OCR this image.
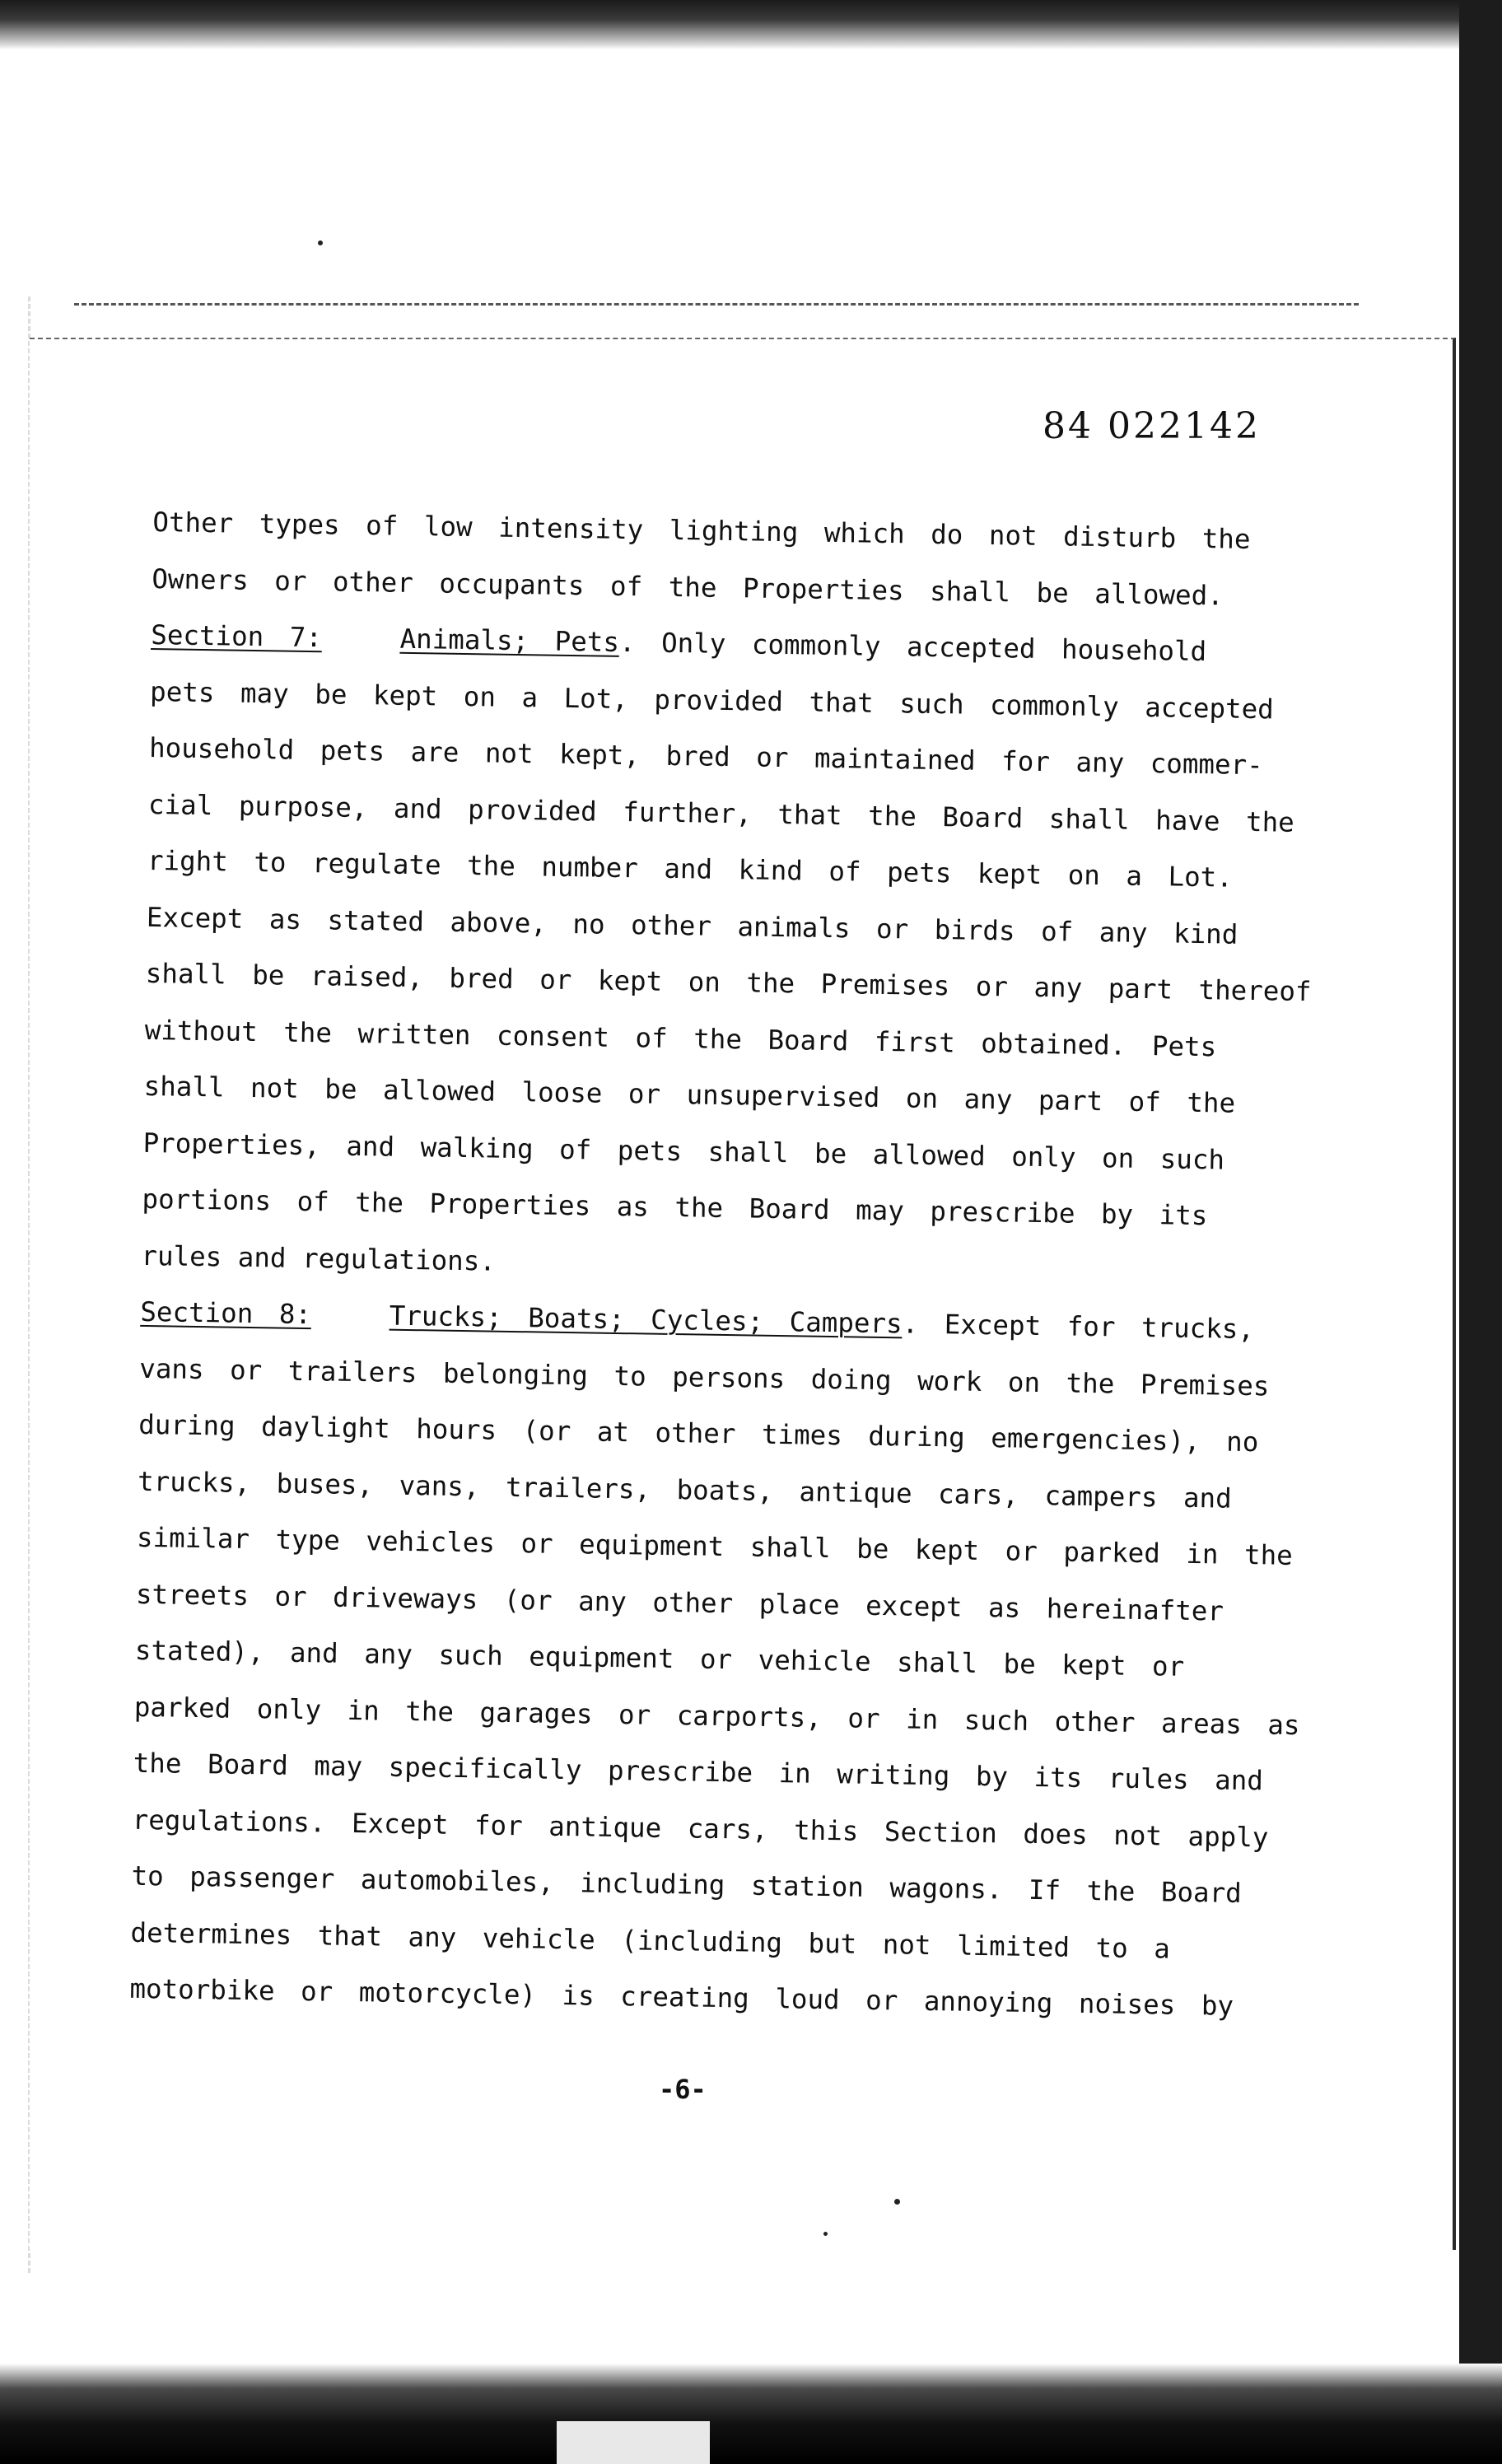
84 022142
Other types of low intensity lighting which do not disturb the
Owners or other occupants of the Properties shall be allowed.
Section 7:	Animals; Pets. Only commonly accepted household
pets may be kept on a Lot, provided that such commonly accepted
household pets are not kept, bred or maintained for any commer-
cial purpose, and provided further, that the Board shall have the
right to regulate the number and kind of pets kept on a Lot.
Except as stated above, no other animals or birds of any kind
shall be raised, bred or kept on the Premises or any part thereof
without the written consent of the Board first obtained. Pets
shall not be allowed loose or unsupervised on any part of the
Properties, and walking of pets shall be allowed only on such
portions of the Properties as the Board may prescribe by its
rules and regulations.
Section 8:	Trucks; Boats; Cycles; Campers. Except for trucks,
vans or trailers belonging to persons doing work on the Premises
during daylight hours (or at other times during emergencies), no
trucks, buses, vans, trailers, boats, antique cars, campers and
similar type vehicles or equipment shall be kept or parked in the
streets or driveways (or any other place except as hereinafter
stated), and any such equipment or vehicle shall be kept or
parked only in the garages or carports, or in such other areas as
the Board may specifically prescribe in writing by its rules and
regulations. Except for antique cars, this Section does not apply
to passenger automobiles, including station wagons. If the Board
determines that any vehicle (including but not limited to a
motorbike or motorcycle) is creating loud or annoying noises by
-6-
